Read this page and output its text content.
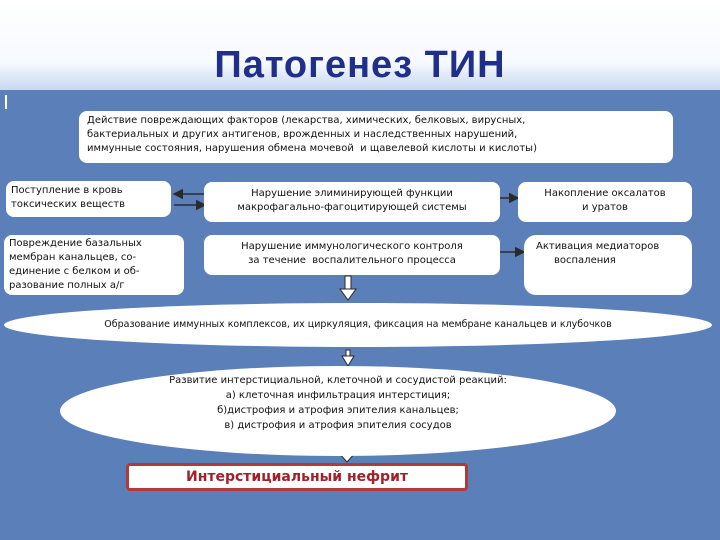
Патогенез ТИН
Действие повреждающих факторов (лекарства, химических, белковых, вирусных,
бактериальных и других антигенов, врожденных и наследственных нарушений,
иммунные состояния, нарушения обмена мочевой  и щавелевой кислоты и кислоты)
Поступление в кровь
токсических веществ
Нарушение элиминирующей функции
макрофагально-фагоцитирующей системы
Накопление оксалатов
и уратов
Повреждение базальных
мембран канальцев, со-
единение с белком и об-
разование полных а/г
Нарушение иммунологического контроля
за течение  воспалительного процесса
Активация медиаторов
воспаления
Образование иммунных комплексов, их циркуляция, фиксация на мембране канальцев и клубочков
Развитие интерстициальной, клеточной и сосудистой реакций:
а) клеточная инфильтрация интерстиция;
б)дистрофия и атрофия эпителия канальцев;
в) дистрофия и атрофия эпителия сосудов
Интерстициальный нефрит
